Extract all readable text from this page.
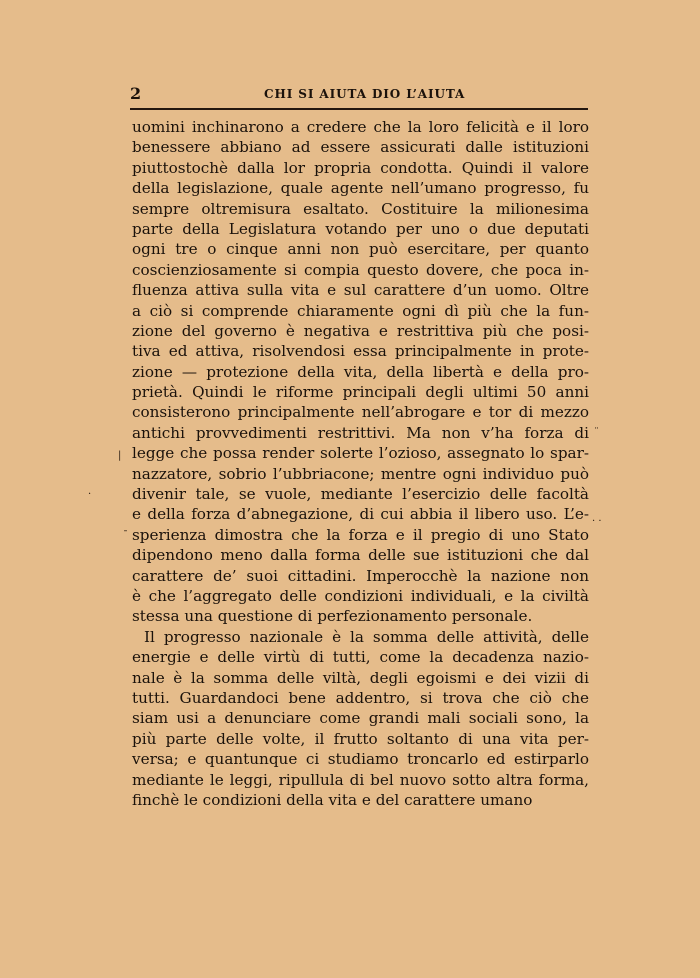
2	CHI SI AIUTA DIO L’AIUTA
uomini inchinarono a credere che la loro felicità e il loro
benessere abbiano ad essere assicurati dalle istituzioni
piuttostochè dalla lor propria condotta. Quindi il valore
della legislazione, quale agente nell’umano progresso, fu
sempre oltremisura esaltato. Costituire la milionesima
parte della Legislatura votando per uno o due deputati
ogni tre o cinque anni non può esercitare, per quanto
coscienziosamente si compia questo dovere, che poca in-
fluenza attiva sulla vita e sul carattere d’un uomo. Oltre
a ciò si comprende chiaramente ogni dì più che la fun-
zione del governo è negativa e restrittiva più che posi-
tiva ed attiva, risolvendosi essa principalmente in prote-
zione — protezione della vita, della libertà e della pro-
prietà. Quindi le riforme principali degli ultimi 50 anni
consisterono principalmente nell’abrogare e tor di mezzo
antichi provvedimenti restrittivi. Ma non v’ha forza di
legge che possa render solerte l’ozioso, assegnato lo spar-
nazzatore, sobrio l’ubbriacone; mentre ogni individuo può
divenir tale, se vuole, mediante l’esercizio delle facoltà
e della forza d’abnegazione, di cui abbia il libero uso. L’e-
sperienza dimostra che la forza e il pregio di uno Stato
dipendono meno dalla forma delle sue istituzioni che dal
carattere de’ suoi cittadini. Imperocchè la nazione non
è che l’aggregato delle condizioni individuali, e la civiltà
stessa una questione di perfezionamento personale.
Il progresso nazionale è la somma delle attività, delle
energie e delle virtù di tutti, come la decadenza nazio-
nale è la somma delle viltà, degli egoismi e dei vizii di
tutti. Guardandoci bene addentro, si trova che ciò che
siam usi a denunciare come grandi mali sociali sono, la
più parte delle volte, il frutto soltanto di una vita per-
versa; e quantunque ci studiamo troncarlo ed estirparlo
mediante le leggi, ripullula di bel nuovo sotto altra forma,
finchè le condizioni della vita e del carattere umano
¨
|
·
· ·
¯
